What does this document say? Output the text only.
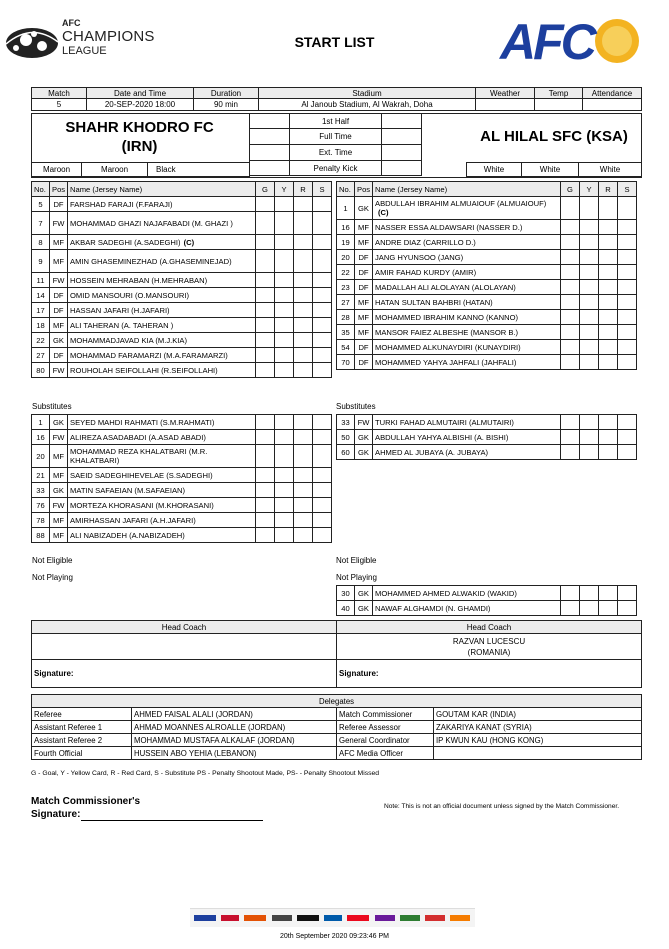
AFC
CHAMPIONS
LEAGUE
START LIST	AFC
Match	Date and Time	Duration	Stadium	Weather	Temp	Attendance
5	20-SEP-2020 18:00	90 min	Al Janoub Stadium, Al Wakrah, Doha			
SHAHR KHODRO FC
(IRN)
AL HILAL SFC (KSA)
	1st Half	
	Full Time	
	Ext. Time	
	Penalty Kick	
Maroon	Maroon	Black	White	White	White
No.	Pos	Name (Jersey Name)	G	Y	R	S
5	DF	FARSHAD FARAJI (F.FARAJI)				
7	FW	MOHAMMAD GHAZI NAJAFABADI (M. GHAZI )				
8	MF	AKBAR SADEGHI (A.SADEGHI) (C)				
9	MF	AMIN GHASEMINEZHAD (A.GHASEMINEJAD)				
11	FW	HOSSEIN MEHRABAN (H.MEHRABAN)				
14	DF	OMID MANSOURI (O.MANSOURI)				
17	DF	HASSAN JAFARI (H.JAFARI)				
18	MF	ALI TAHERAN (A. TAHERAN )				
22	GK	MOHAMMADJAVAD KIA (M.J.KIA)				
27	DF	MOHAMMAD FARAMARZI (M.A.FARAMARZI)				
80	FW	ROUHOLAH SEIFOLLAHI (R.SEIFOLLAHI)				
No.	Pos	Name (Jersey Name)	G	Y	R	S
1	GK	ABDULLAH IBRAHIM ALMUAIOUF (ALMUAIOUF)(C)				
16	MF	NASSER ESSA ALDAWSARI (NASSER D.)				
19	MF	ANDRE DIAZ (CARRILLO D.)				
20	DF	JANG HYUNSOO (JANG)				
22	DF	AMIR FAHAD KURDY (AMIR)				
23	DF	MADALLAH ALI ALOLAYAN (ALOLAYAN)				
27	MF	HATAN SULTAN BAHBRI (HATAN)				
28	MF	MOHAMMED IBRAHIM KANNO (KANNO)				
35	MF	MANSOR FAIEZ ALBESHE (MANSOR B.)				
54	DF	MOHAMMED ALKUNAYDIRI (KUNAYDIRI)				
70	DF	MOHAMMED YAHYA JAHFALI (JAHFALI)				
Substitutes	Substitutes
1	GK	SEYED MAHDI RAHMATI (S.M.RAHMATI)				
16	FW	ALIREZA ASADABADI (A.ASAD ABADI)				
20	MF	MOHAMMAD REZA KHALATBARI (M.R. KHALATBARI)				
21	MF	SAEID SADEGHIHEVELAE (S.SADEGHI)				
33	GK	MATIN SAFAEIAN (M.SAFAEIAN)				
76	FW	MORTEZA KHORASANI (M.KHORASANI)				
78	MF	AMIRHASSAN JAFARI (A.H.JAFARI)				
88	MF	ALI NABIZADEH (A.NABIZADEH)				
33	FW	TURKI FAHAD ALMUTAIRI (ALMUTAIRI)				
50	GK	ABDULLAH YAHYA ALBISHI (A. BISHI)				
60	GK	AHMED AL JUBAYA (A. JUBAYA)				
Not Eligible
Not Playing
Not Eligible
Not Playing
30	GK	MOHAMMED AHMED ALWAKID (WAKID)				
40	GK	NAWAF ALGHAMDI (N. GHAMDI)				
Head Coach	Head Coach

	RAZVAN LUCESCU
(ROMANIA)

Signature:	Signature:
Delegates			
Referee	AHMED FAISAL ALALI (JORDAN)	Match Commissioner	GOUTAM KAR (INDIA)
Assistant Referee 1	AHMAD MOANNES ALROALLE (JORDAN)	Referee Assessor	ZAKARIYA KANAT (SYRIA)
Assistant Referee 2	MOHAMMAD MUSTAFA ALKALAF (JORDAN)	General Coordinator	IP KWUN KAU (HONG KONG)
Fourth Official	HUSSEIN ABO YEHIA (LEBANON)	AFC Media Officer	
G - Goal, Y - Yellow Card, R - Red Card, S - Substitute PS - Penalty Shootout Made, PS- - Penalty Shootout Missed
Match Commissioner's
Signature:
Note: This is not an official document unless signed by the Match Commissioner.

20th September 2020 09:23:46 PM
